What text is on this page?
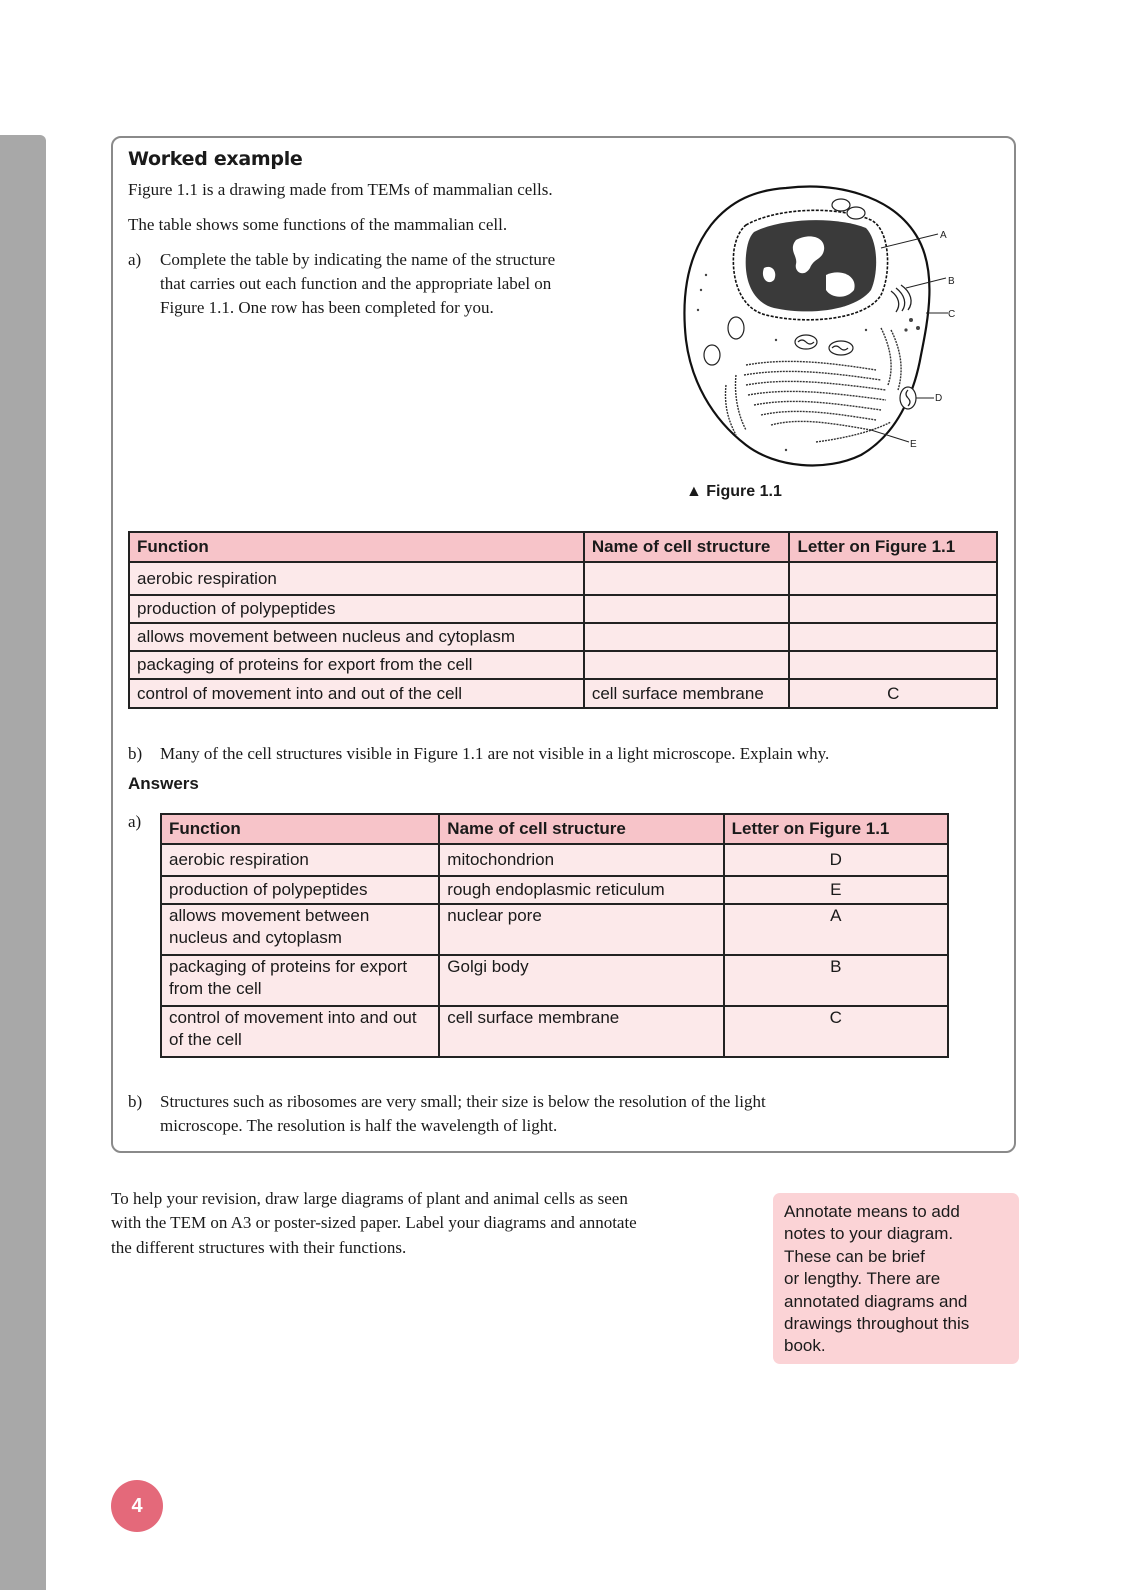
Worked example
Figure 1.1 is a drawing made from TEMs of mammalian cells.
The table shows some functions of the mammalian cell.
a) Complete the table by indicating the name of the structure
that carries out each function and the appropriate label on
Figure 1.1. One row has been completed for you.
A
B
C
D
E
▲ Figure 1.1
Function	Name of cell structure	Letter on Figure 1.1
aerobic respiration		
production of polypeptides		
allows movement between nucleus and cytoplasm		
packaging of proteins for export from the cell		
control of movement into and out of the cell	cell surface membrane	C
b) Many of the cell structures visible in Figure 1.1 are not visible in a light microscope. Explain why.
Answers
a) Function	Name of cell structure	Letter on Figure 1.1
aerobic respiration	mitochondrion	D
production of polypeptides	rough endoplasmic reticulum	E
allows movement between nucleus and cytoplasm	nuclear pore	A
packaging of proteins for export from the cell	Golgi body	B
control of movement into and out of the cell	cell surface membrane	C
b) Structures such as ribosomes are very small; their size is below the resolution of the light
microscope. The resolution is half the wavelength of light.
To help your revision, draw large diagrams of plant and animal cells as seen
with the TEM on A3 or poster-sized paper. Label your diagrams and annotate
the different structures with their functions.
Annotate means to add
notes to your diagram.
These can be brief
or lengthy. There are
annotated diagrams and
drawings throughout this
book.
4
